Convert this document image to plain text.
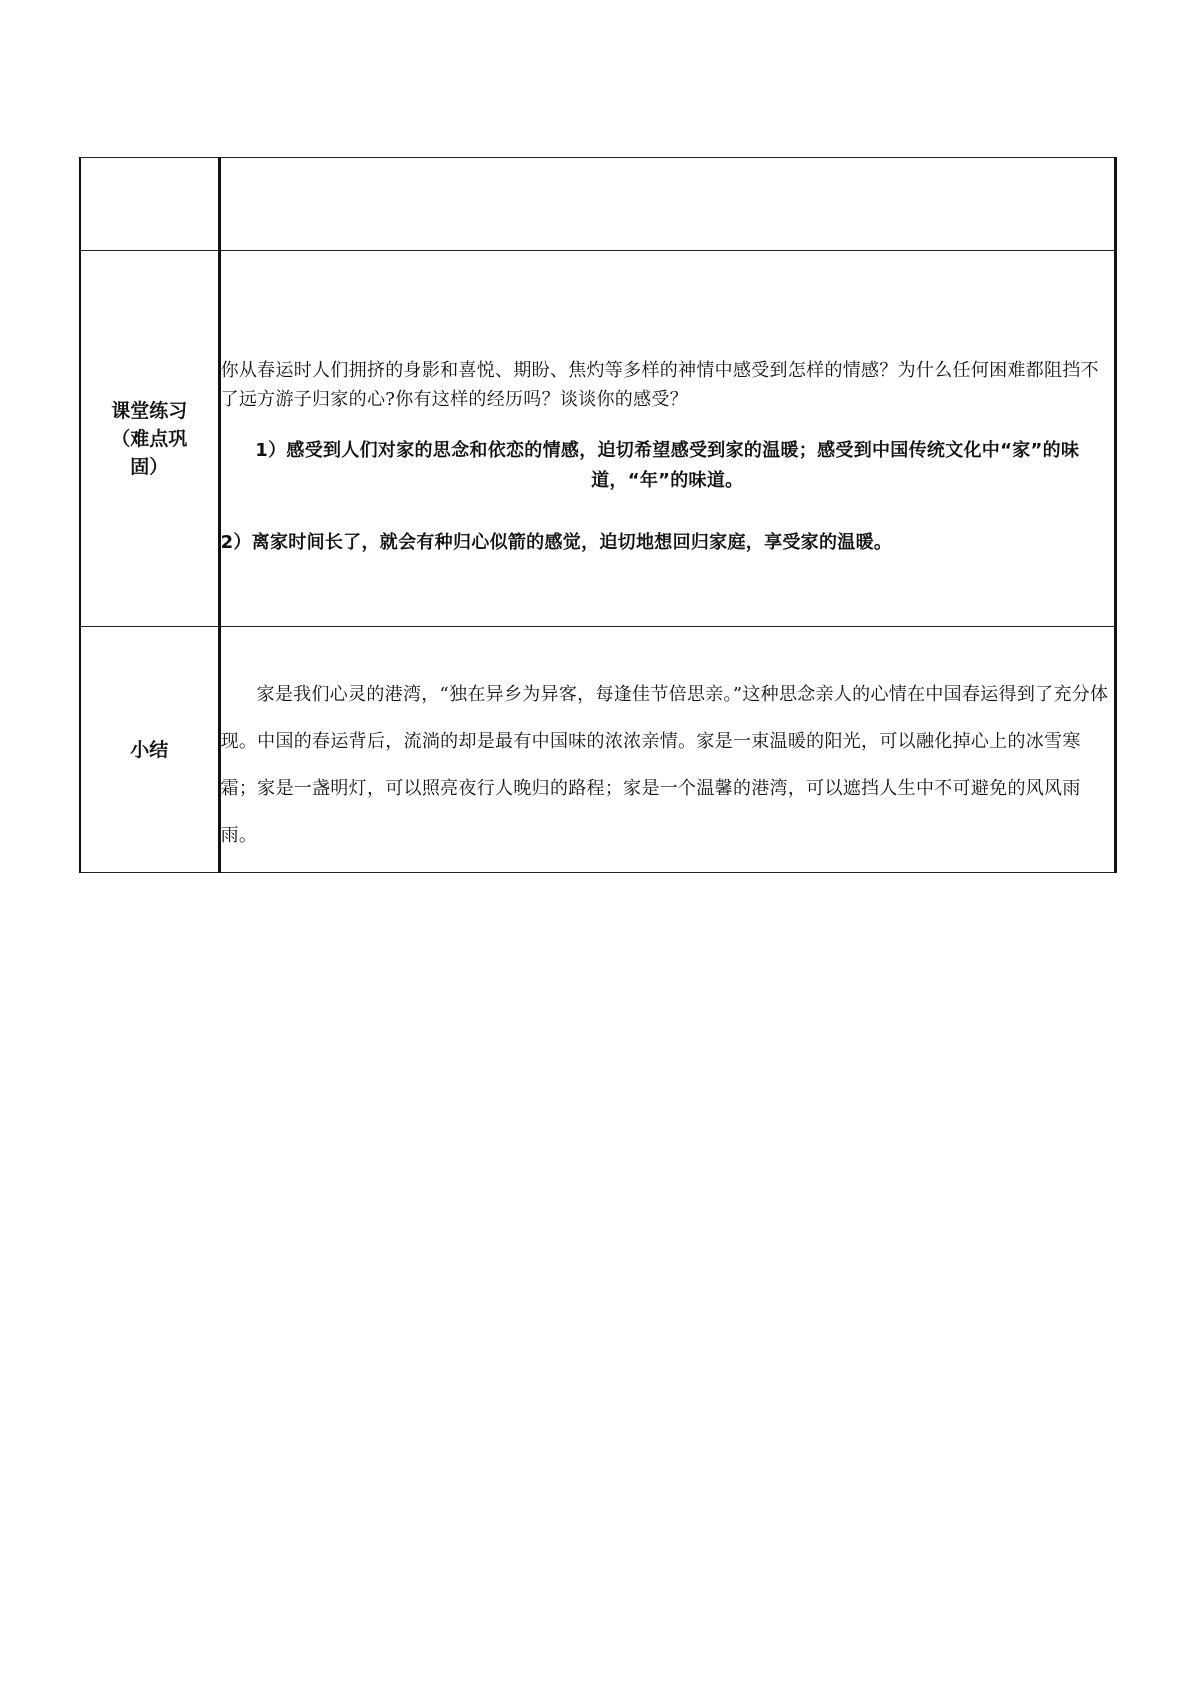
课堂练习（难点巩固）	你从春运时人们拥挤的身影和喜悦、期盼、焦灼等多样的神情中感受到怎样的情感？为什么任何困难都阻挡不了远方游子归家的心?你有这样的经历吗？谈谈你的感受？

1）感受到人们对家的思念和依恋的情感，迫切希望感受到家的温暖；感受到中国传统文化中“家”的味道，“年”的味道。

2）离家时间长了，就会有种归心似箭的感觉，迫切地想回归家庭，享受家的温暖。

小结	家是我们心灵的港湾，“独在异乡为异客，每逢佳节倍思亲。”这种思念亲人的心情在中国春运得到了充分体现。中国的春运背后，流淌的却是最有中国味的浓浓亲情。家是一束温暖的阳光，可以融化掉心上的冰雪寒霜；家是一盏明灯，可以照亮夜行人晚归的路程；家是一个温馨的港湾，可以遮挡人生中不可避免的风风雨雨。
